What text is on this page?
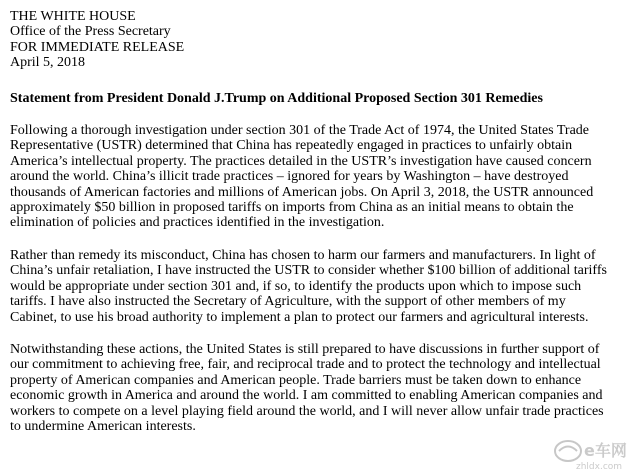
THE WHITE HOUSE
Office of the Press Secretary
FOR IMMEDIATE RELEASE
April 5, 2018
Statement from President Donald J.Trump on Additional Proposed Section 301 Remedies
Following a thorough investigation under section 301 of the Trade Act of 1974, the United States Trade
Representative (USTR) determined that China has repeatedly engaged in practices to unfairly obtain
America’s intellectual property. The practices detailed in the USTR’s investigation have caused concern
around the world. China’s illicit trade practices – ignored for years by Washington – have destroyed
thousands of American factories and millions of American jobs. On April 3, 2018, the USTR announced
approximately $50 billion in proposed tariffs on imports from China as an initial means to obtain the
elimination of policies and practices identified in the investigation.
Rather than remedy its misconduct, China has chosen to harm our farmers and manufacturers. In light of
China’s unfair retaliation, I have instructed the USTR to consider whether $100 billion of additional tariffs
would be appropriate under section 301 and, if so, to identify the products upon which to impose such
tariffs. I have also instructed the Secretary of Agriculture, with the support of other members of my
Cabinet, to use his broad authority to implement a plan to protect our farmers and agricultural interests.
Notwithstanding these actions, the United States is still prepared to have discussions in further support of
our commitment to achieving free, fair, and reciprocal trade and to protect the technology and intellectual
property of American companies and American people. Trade barriers must be taken down to enhance
economic growth in America and around the world. I am committed to enabling American companies and
workers to compete on a level playing field around the world, and I will never allow unfair trade practices
to undermine American interests.
e车网
zhldx.com
